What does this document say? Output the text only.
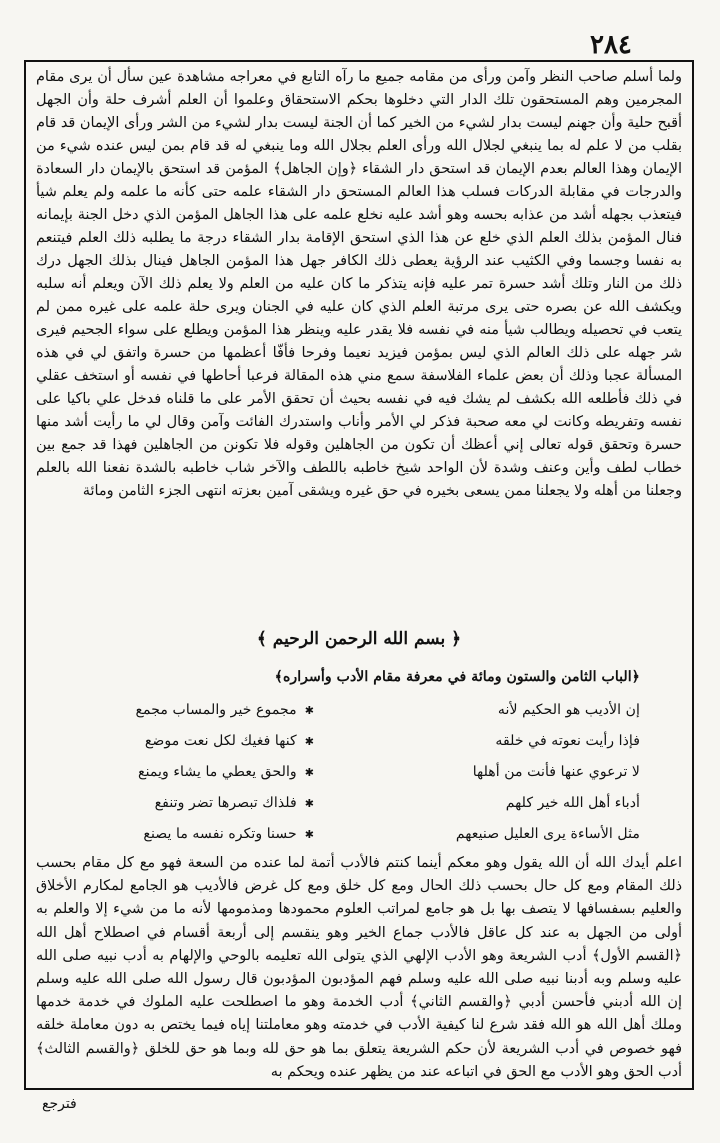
٢٨٤

ولما أسلم صاحب النظر وآمن ورأى من مقامه جميع ما رآه التابع في معراجه مشاهدة عين سأل أن يرى مقام المجرمين وهم المستحقون تلك الدار التي دخلوها بحكم الاستحقاق وعلموا أن العلم أشرف حلة وأن الجهل أقبح حلية وأن جهنم ليست بدار لشيء من الخير كما أن الجنة ليست بدار لشيء من الشر ورأى الإيمان قد قام بقلب من لا علم له بما ينبغي لجلال الله ورأى العلم بجلال الله وما ينبغي له قد قام بمن ليس عنده شيء من الإيمان وهذا العالم بعدم الإيمان قد استحق دار الشقاء ﴿وإن الجاهل﴾ المؤمن قد استحق بالإيمان دار السعادة والدرجات في مقابلة الدركات فسلب هذا العالم المستحق دار الشقاء علمه حتى كأنه ما علمه ولم يعلم شيأ فيتعذب بجهله أشد من عذابه بحسه وهو أشد عليه نخلع علمه على هذا الجاهل المؤمن الذي دخل الجنة بإيمانه فنال المؤمن بذلك العلم الذي خلع عن هذا الذي استحق الإقامة بدار الشقاء درجة ما يطلبه ذلك العلم فيتنعم به نفسا وجسما وفي الكثيب عند الرؤية يعطى ذلك الكافر جهل هذا المؤمن الجاهل فينال بذلك الجهل درك ذلك من النار وتلك أشد حسرة تمر عليه فإنه يتذكر ما كان عليه من العلم ولا يعلم ذلك الآن ويعلم أنه سلبه ويكشف الله عن بصره حتى يرى مرتبة العلم الذي كان عليه في الجنان ويرى حلة علمه على غيره ممن لم يتعب في تحصيله ويطالب شيأ منه في نفسه فلا يقدر عليه وينظر هذا المؤمن ويطلع على سواء الجحيم فيرى شر جهله على ذلك العالم الذي ليس بمؤمن فيزيد نعيما وفرحا فأفّا أعظمها من حسرة واتفق لي في هذه المسألة عجبا وذلك أن بعض علماء الفلاسفة سمع مني هذه المقالة فرعبا أحاطها في نفسه أو استخف عقلي في ذلك فأطلعه الله بكشف لم يشك فيه في نفسه بحيث أن تحقق الأمر على ما قلناه فدخل علي باكيا على نفسه وتفريطه وكانت لي معه صحبة فذكر لي الأمر وأناب واستدرك الفائت وآمن وقال لي ما رأيت أشد منها حسرة وتحقق قوله تعالى إني أعظك أن تكون من الجاهلين وقوله فلا تكونن من الجاهلين فهذا قد جمع بين خطاب لطف وأين وعنف وشدة لأن الواحد شيخ خاطبه باللطف والآخر شاب خاطبه بالشدة نفعنا الله بالعلم وجعلنا من أهله ولا يجعلنا ممن يسعى بخيره في حق غيره ويشقى آمين بعزته انتهى الجزء الثامن ومائة

﴿ بسم الله الرحمن الرحيم ﴾
﴿الباب الثامن والستون ومائة في معرفة مقام الأدب وأسراره﴾
إن الأديب هو الحكيم لأنه
✱
مجموع خير والمساب مجمع
فإذا رأيت نعوته في خلقه
✱
كنها فغيك لكل نعت موضع
لا ترعوي عنها فأنت من أهلها
✱
والحق يعطي ما يشاء ويمنع
أدباء أهل الله خير كلهم
✱
فلذاك تبصرها تضر وتنفع
مثل الأساءة يرى العليل صنيعهم
✱
حسنا وتكره نفسه ما يصنع

اعلم أيدك الله أن الله يقول وهو معكم أينما كنتم فالأدب أتمة لما عنده من السعة فهو مع كل مقام بحسب ذلك المقام ومع كل حال بحسب ذلك الحال ومع كل خلق ومع كل غرض فالأديب هو الجامع لمكارم الأخلاق والعليم بسفسافها لا يتصف بها بل هو جامع لمراتب العلوم محمودها ومذمومها لأنه ما من شيء إلا والعلم به أولى من الجهل به عند كل عاقل فالأدب جماع الخير وهو ينقسم إلى أربعة أقسام في اصطلاح أهل الله ﴿القسم الأول﴾ أدب الشريعة وهو الأدب الإلهي الذي يتولى الله تعليمه بالوحي والإلهام به أدب نبيه صلى الله عليه وسلم وبه أدبنا نبيه صلى الله عليه وسلم فهم المؤدبون المؤدبون قال رسول الله صلى الله عليه وسلم إن الله أدبني فأحسن أدبي ﴿والقسم الثاني﴾ أدب الخدمة وهو ما اصطلحت عليه الملوك في خدمة خدمها وملك أهل الله هو الله فقد شرع لنا كيفية الأدب في خدمته وهو معاملتنا إياه فيما يختص به دون معاملة خلقه فهو خصوص في أدب الشريعة لأن حكم الشريعة يتعلق بما هو حق لله وبما هو حق للخلق ﴿والقسم الثالث﴾ أدب الحق وهو الأدب مع الحق في اتباعه عند من يظهر عنده ويحكم به

فترجع
